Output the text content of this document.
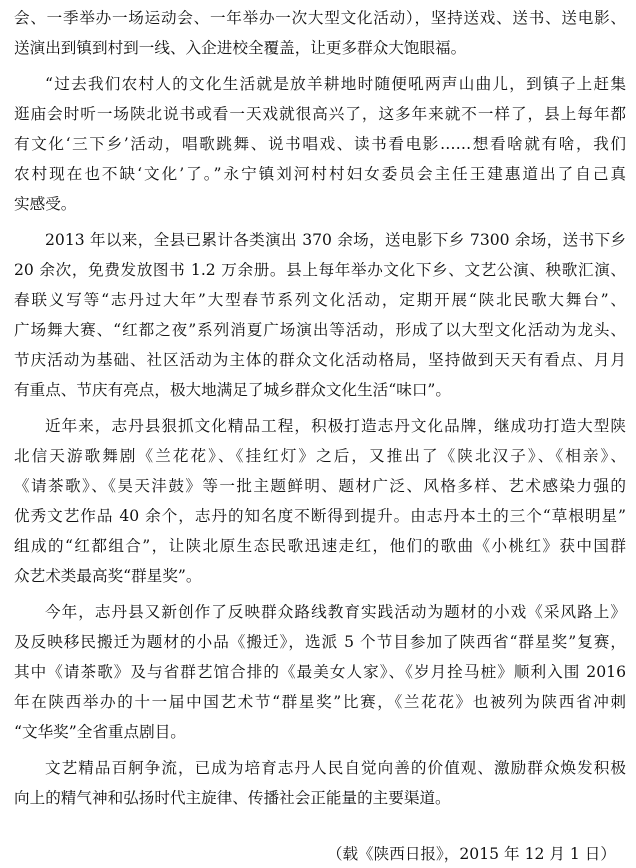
会、一季举办一场运动会、一年举办一次大型文化活动），坚持送戏、送书、送电影、
送演出到镇到村到一线、入企进校全覆盖，让更多群众大饱眼福。
“过去我们农村人的文化生活就是放羊耕地时随便吼两声山曲儿，到镇子上赶集
逛庙会时听一场陕北说书或看一天戏就很高兴了，这多年来就不一样了，县上每年都
有文化‘三下乡’活动，唱歌跳舞、说书唱戏、读书看电影……想看啥就有啥，我们
农村现在也不缺‘文化’了。”永宁镇刘河村村妇女委员会主任王建惠道出了自己真
实感受。
2013 年以来，全县已累计各类演出 370 余场，送电影下乡 7300 余场，送书下乡
20 余次，免费发放图书 1.2 万余册。县上每年举办文化下乡、文艺公演、秧歌汇演、
春联义写等“志丹过大年”大型春节系列文化活动，定期开展“陕北民歌大舞台”、
广场舞大赛、“红都之夜”系列消夏广场演出等活动，形成了以大型文化活动为龙头、
节庆活动为基础、社区活动为主体的群众文化活动格局，坚持做到天天有看点、月月
有重点、节庆有亮点，极大地满足了城乡群众文化生活“味口”。
近年来，志丹县狠抓文化精品工程，积极打造志丹文化品牌，继成功打造大型陕
北信天游歌舞剧《兰花花》、《挂红灯》之后，又推出了《陕北汉子》、《相亲》、
《请茶歌》、《昊天沣鼓》等一批主题鲜明、题材广泛、风格多样、艺术感染力强的
优秀文艺作品 40 余个，志丹的知名度不断得到提升。由志丹本土的三个“草根明星”
组成的“红都组合”，让陕北原生态民歌迅速走红，他们的歌曲《小桃红》获中国群
众艺术类最高奖“群星奖”。
今年，志丹县又新创作了反映群众路线教育实践活动为题材的小戏《采风路上》
及反映移民搬迁为题材的小品《搬迁》，选派 5 个节目参加了陕西省“群星奖”复赛，
其中《请茶歌》及与省群艺馆合排的《最美女人家》、《岁月拴马桩》顺利入围 2016
年在陕西举办的十一届中国艺术节“群星奖”比赛，《兰花花》也被列为陕西省冲刺
“文华奖”全省重点剧目。
文艺精品百舸争流，已成为培育志丹人民自觉向善的价值观、激励群众焕发积极
向上的精气神和弘扬时代主旋律、传播社会正能量的主要渠道。
（载《陕西日报》，2015 年 12 月 1 日）
